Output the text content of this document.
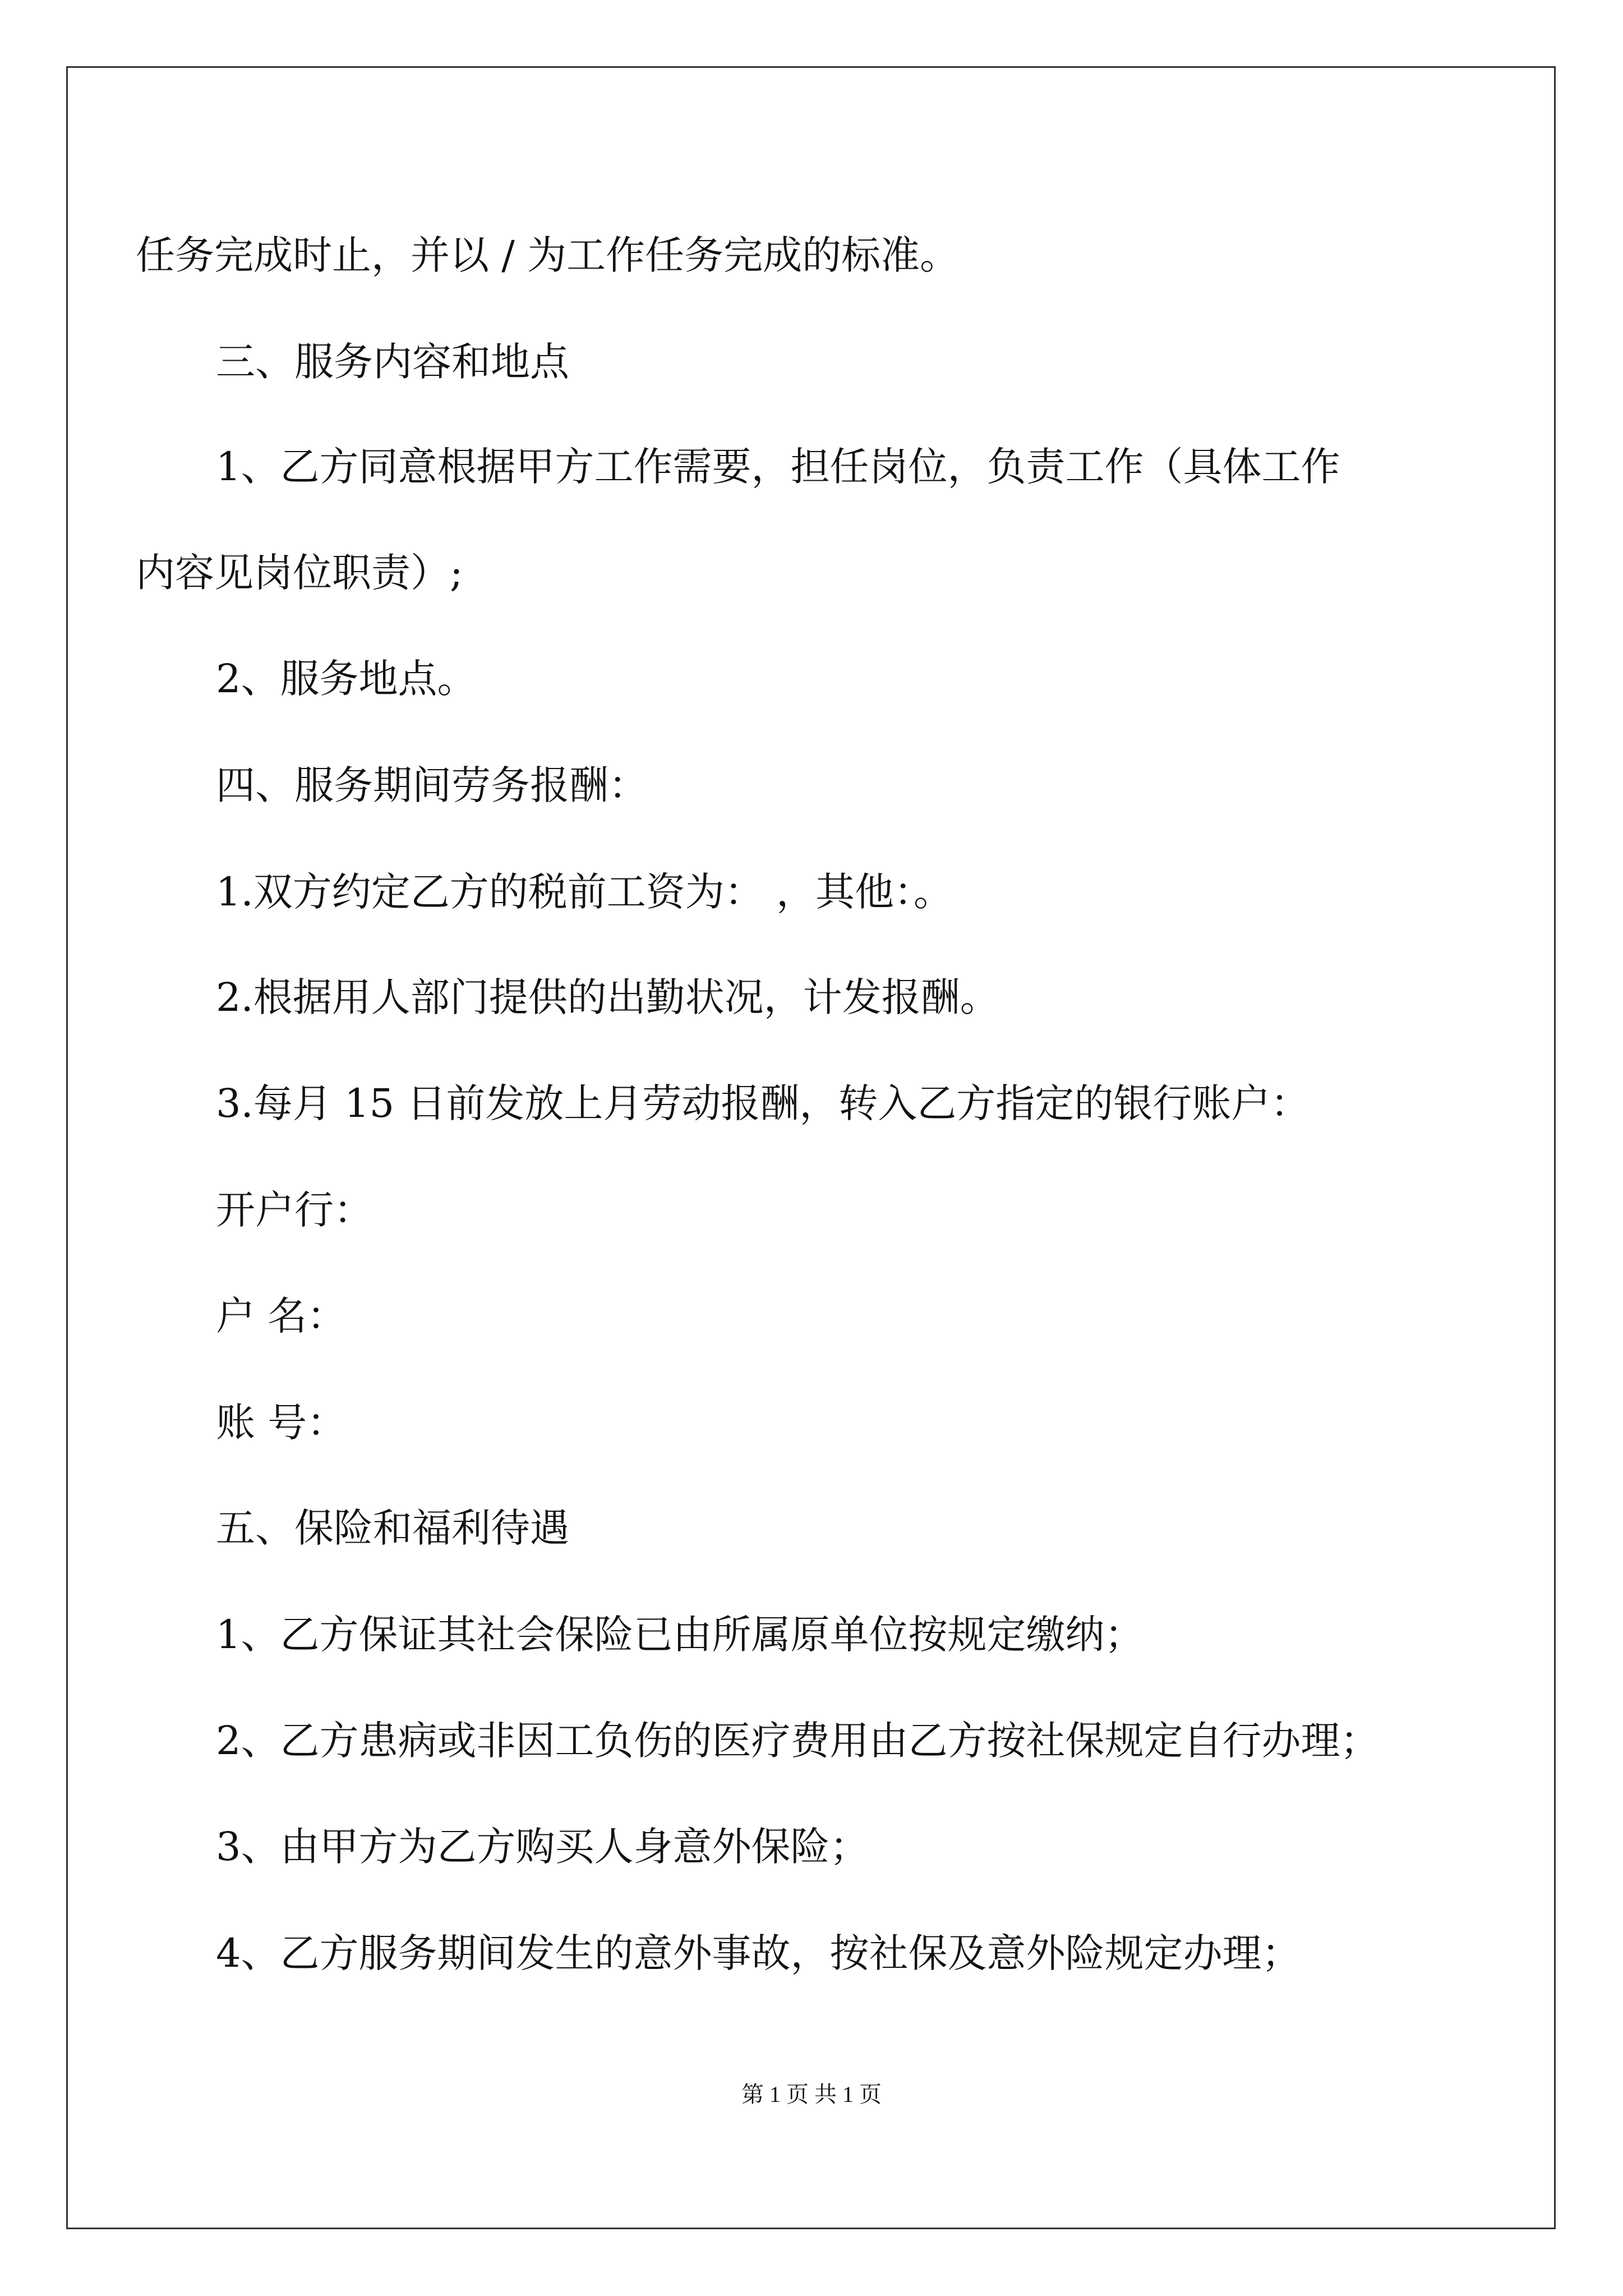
任务完成时止，并以 / 为工作任务完成的标准。
三、服务内容和地点
1、乙方同意根据甲方工作需要，担任岗位，负责工作（具体工作
内容见岗位职责）;
2、服务地点。
四、服务期间劳务报酬：
1.双方约定乙方的税前工资为： ，其他：。
2.根据用人部门提供的出勤状况，计发报酬。
3.每月 15 日前发放上月劳动报酬，转入乙方指定的银行账户：
开户行：
户 名：
账 号：
五、保险和福利待遇
1、乙方保证其社会保险已由所属原单位按规定缴纳；
2、乙方患病或非因工负伤的医疗费用由乙方按社保规定自行办理；
3、由甲方为乙方购买人身意外保险；
4、乙方服务期间发生的意外事故，按社保及意外险规定办理；
第 1 页 共 1 页
